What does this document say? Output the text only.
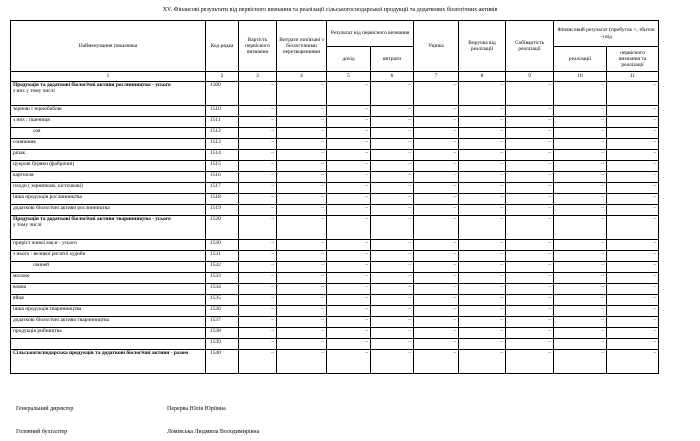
XV. Фінансові результати від первісного визнання та реалізації сільськогосподарської продукції та додаткових біологічних активів
Найменування показника	Код рядка	Вартість первісного визнання	Витрати пов'язані з біологічними перетвореннями	Результат від первісного визнання		Уцінка	Виручка від реалізації	Собівартість реалізації	Фінансовий результат (прибуток +, збиток -) від	
				дохід	витрати				реалізації	первісного визнання та реалізації
1	2	3	4	5	6	7	8	9	10	11

Продукція та додаткові біологічні активи рослинництва - усього
з них у тому числі	1500	–	–	–	–	–	–	–	–	–

зернові і зернобобові	1510	–	–	–	–	–	–	–	–	–

з них : пшениця	1511	–	–	–	–	–	–	–	–	–

соя	1512	–	–	–	–	–	–	–	–	–

соняшник	1513	–	–	–	–	–	–	–	–	–

ріпак	1514	–	–	–	–	–	–	–	–	–

цукрові буряки (фабричні)	1515	–	–	–	–	–	–	–	–	–

картопля	1516	–	–	–	–	–	–	–	–	–

плоди ( зерняткові, кісточкові)	1517	–	–	–	–	–	–	–	–	–

інша продукція рослинництва	1518	–	–	–	–	–	–	–	–	–

додаткові біологічні активи рослинництва	1519	–	–	–	–	–	–	–	–	–

Продукція та додаткові біологічні активи тваринництва - усього
у тому числі	1520	–	–	–	–	–	–	–	–	–

приріст живої маси - усього	1530	–	–	–	–	–	–	–	–	–

з нього : великої рогатої худоби	1531	–	–	–	–	–	–	–	–	–

свиней	1532	–	–	–	–	–	–	–	–	–

молоко	1533	–	–	–	–	–	–	–	–	–

вовна	1534	–	–	–	–	–	–	–	–	–

яйця	1535	–	–	–	–	–	–	–	–	–

інша продукція тваринництва	1536	–	–	–	–	–	–	–	–	–

додаткові біологічні активи тваринництва	1537	–	–	–	–	–	–	–	–	–

продукція рибництва	1538	–	–	–	–	–	–	–	–	–

	1539	–	–	–	–	–	–	–	–	–

Сільськогосподарська продукція та додаткові біологічні активи - разом	1540	–	–	–	–	–	–	–	–	–
Генеральний директор	Перерва Юлія Юріївна
Головний бухгалтер	Ломівська Людмила Володимирівна
